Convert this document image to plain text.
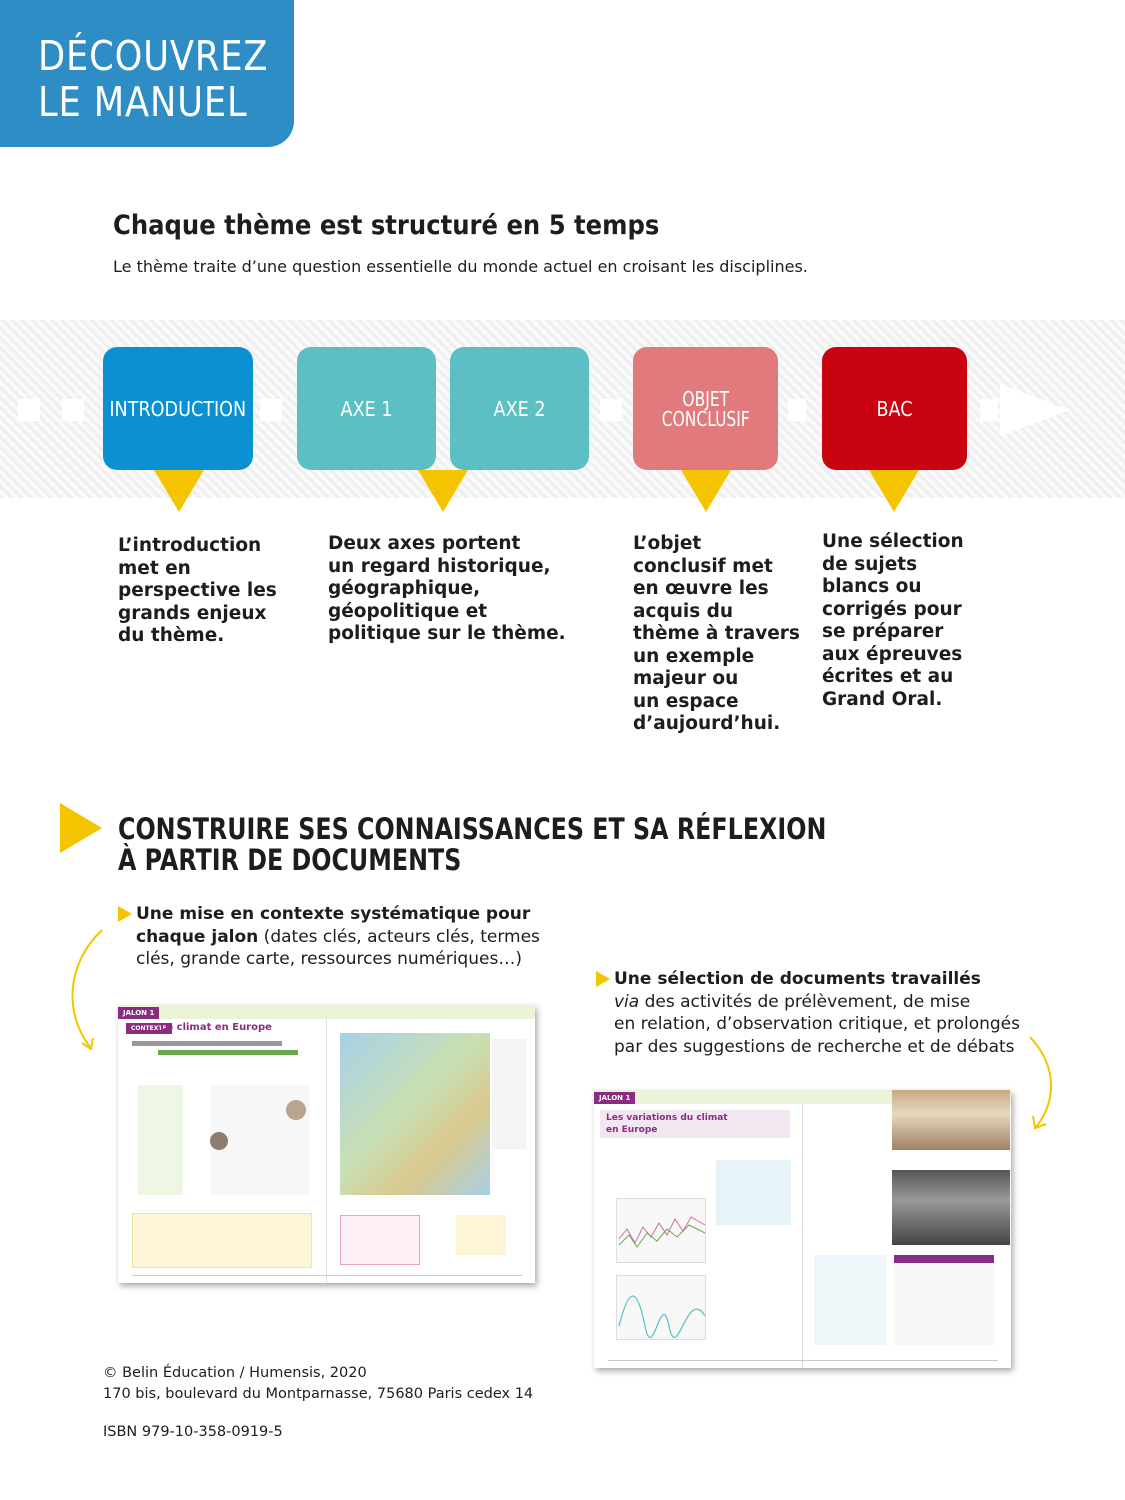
DÉCOUVREZ
LE MANUEL
Chaque thème est structuré en 5 temps
Le thème traite d’une question essentielle du monde actuel en croisant les disciplines.
INTRODUCTION	AXE 1	AXE 2	OBJET
CONCLUSIF	BAC
L’introduction
met en
perspective les
grands enjeux
du thème.
Deux axes portent
un regard historique,
géographique,
géopolitique et
politique sur le thème.
L’objet
conclusif met
en œuvre les
acquis du
thème à travers
un exemple
majeur ou
un espace
d’aujourd’hui.
Une sélection
de sujets
blancs ou
corrigés pour
se préparer
aux épreuves
écrites et au
Grand Oral.
CONSTRUIRE SES CONNAISSANCES ET SA RÉFLEXION
À PARTIR DE DOCUMENTS
Une mise en contexte systématique pour
chaque jalon (dates clés, acteurs clés, termes
clés, grande carte, ressources numériques…)
Une sélection de documents travaillés
via des activités de prélèvement, de mise
en relation, d’observation critique, et prolongés
par des suggestions de recherche et de débats
JALON 1
CONTEXTE
Le climat en Europe
JALON 1
Les variations du climat
en Europe
© Belin Éducation / Humensis, 2020
170 bis, boulevard du Montparnasse, 75680 Paris cedex 14
ISBN 979-10-358-0919-5
